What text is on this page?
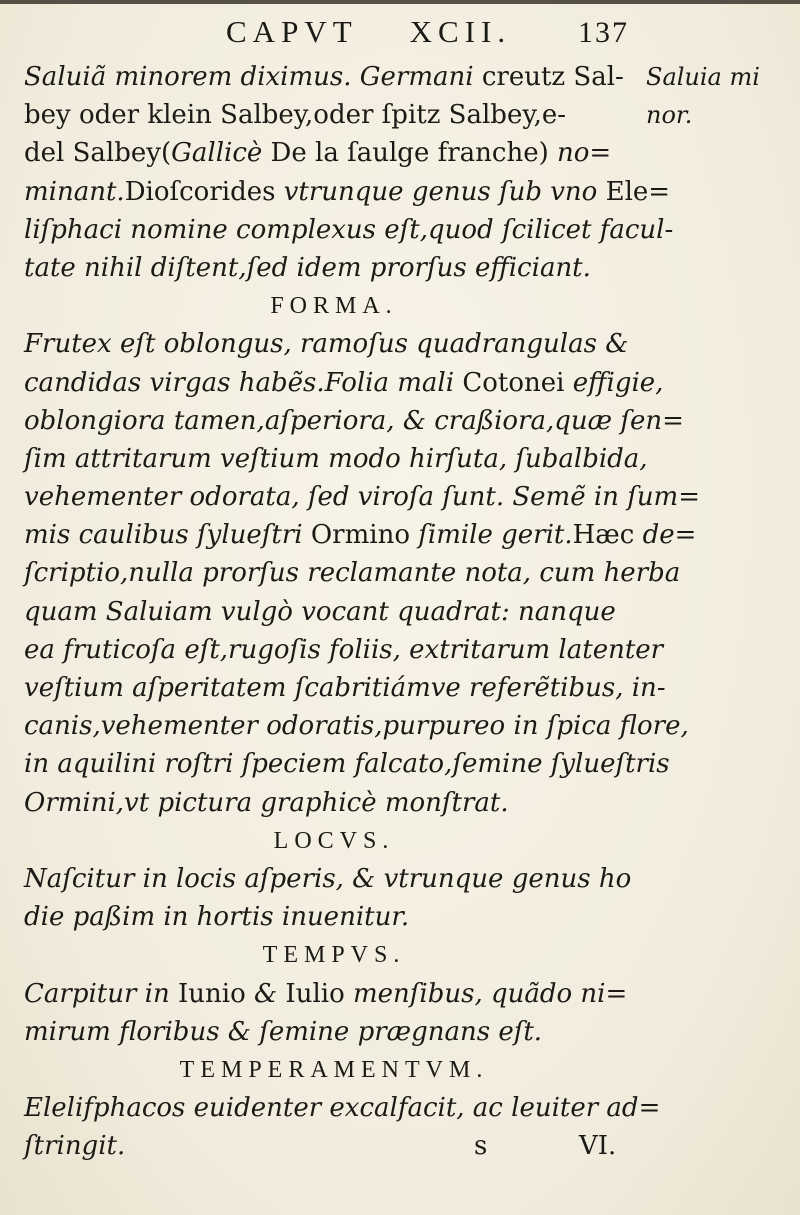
CAPVT XCII. 137
Saluia mi
nor.
Saluiã minorem diximus. Germani creutz Sal-
bey oder klein Salbey,oder ſpitz Salbey,e-
del Salbey(Gallicè De la ſaulge franche) no=
minant.Dioſcorides vtrunque genus ſub vno Ele=
liſphaci nomine complexus eſt,quod ſcilicet facul-
tate nihil diſtent,ſed idem prorſus efficiant.
FORMA.
Frutex eſt oblongus, ramoſus quadrangulas &
candidas virgas habẽs.Folia mali Cotonei effigie,
oblongiora tamen,aſperiora, & craßiora,quæ ſen=
ſim attritarum veſtium modo hirſuta, ſubalbida,
vehementer odorata, ſed viroſa ſunt. Semẽ in ſum=
mis caulibus ſylueſtri Ormino ſimile gerit.Hæc de=
ſcriptio,nulla prorſus reclamante nota, cum herba
quam Saluiam vulgò vocant quadrat: nanque
ea fruticoſa eſt,rugoſis foliis, extritarum latenter
veſtium aſperitatem ſcabritiámve referẽtibus, in-
canis,vehementer odoratis,purpureo in ſpica flore,
in aquilini roſtri ſpeciem falcato,ſemine ſylueſtris
Ormini,vt pictura graphicè monſtrat.
LOCVS.
Naſcitur in locis aſperis, & vtrunque genus ho
die paßim in hortis inuenitur.
TEMPVS.
Carpitur in Iunio & Iulio menſibus, quãdo ni=
mirum floribus & ſemine prægnans eſt.
TEMPERAMENTVM.
Elelifphacos euidenter excalfacit, ac leuiter ad=
ſtringit.	s	VI.
